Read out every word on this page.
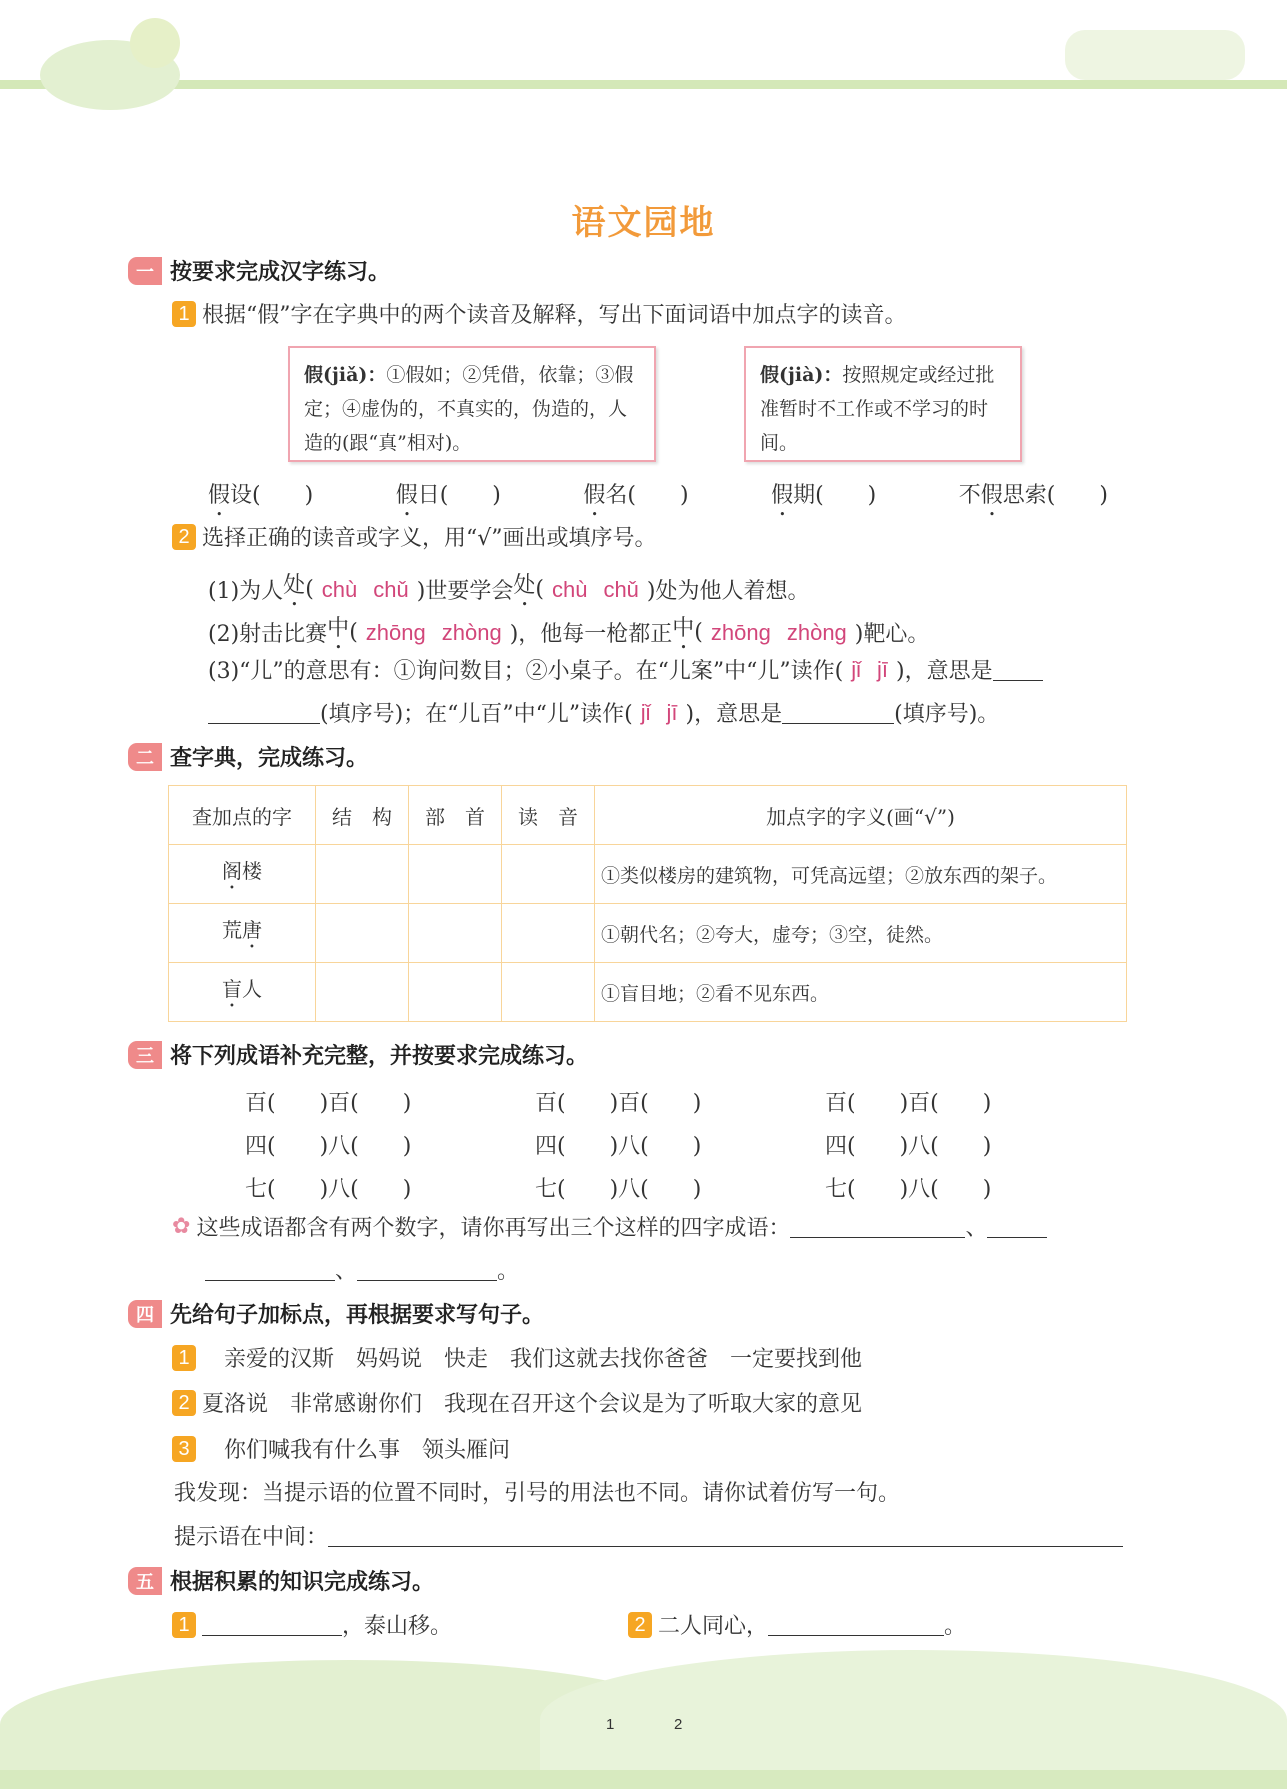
语文园地
一 按要求完成汉字练习。
1 根据“假”字在字典中的两个读音及解释，写出下面词语中加点字的读音。
假(jiǎ)：①假如；②凭借，依靠；③假定；④虚伪的，不真实的，伪造的，人造的(跟“真”相对)。
假(jià)：按照规定或经过批准暂时不工作或不学习的时间。
假设(　　)	假日(　　)	假名(　　)	假期(　　)	不假思索(　　)
2 选择正确的读音或字义，用“√”画出或填序号。
(1)为人 处 ( chù chǔ )世要学会 处 ( chù chǔ )处为他人着想。
(2)射击比赛 中 ( zhōng zhòng )，他每一枪都正 中 ( zhōng zhòng )靶心。
(3)“儿”的意思有：①询问数目；②小桌子。在“儿案”中“儿”读作( jǐ jī )，意思是
(填序号)；在“儿百”中“儿”读作( jǐ jī )，意思是	(填序号)。
二 查字典，完成练习。
查加点的字	结　构	部　首	读　音	加点字的字义(画“√”)
阁楼				①类似楼房的建筑物，可凭高远望；②放东西的架子。
荒唐				①朝代名；②夸大，虚夸；③空，徒然。
盲人				①盲目地；②看不见东西。
三 将下列成语补充完整，并按要求完成练习。
百(　　)百(　　)	百(　　)百(　　)	百(　　)百(　　)
四(　　)八(　　)	四(　　)八(　　)	四(　　)八(　　)
七(　　)八(　　)	七(　　)八(　　)	七(　　)八(　　)
✿ 这些成语都含有两个数字，请你再写出三个这样的四字成语：	、
、	。
四 先给句子加标点，再根据要求写句子。
1 　亲爱的汉斯　妈妈说　快走　我们这就去找你爸爸　一定要找到他
2 夏洛说　非常感谢你们　我现在召开这个会议是为了听取大家的意见
3 　你们喊我有什么事　领头雁问
我发现：当提示语的位置不同时，引号的用法也不同。请你试着仿写一句。
提示语在中间：
五 根据积累的知识完成练习。
1	，泰山移。	2 二人同心，	。
1	2
